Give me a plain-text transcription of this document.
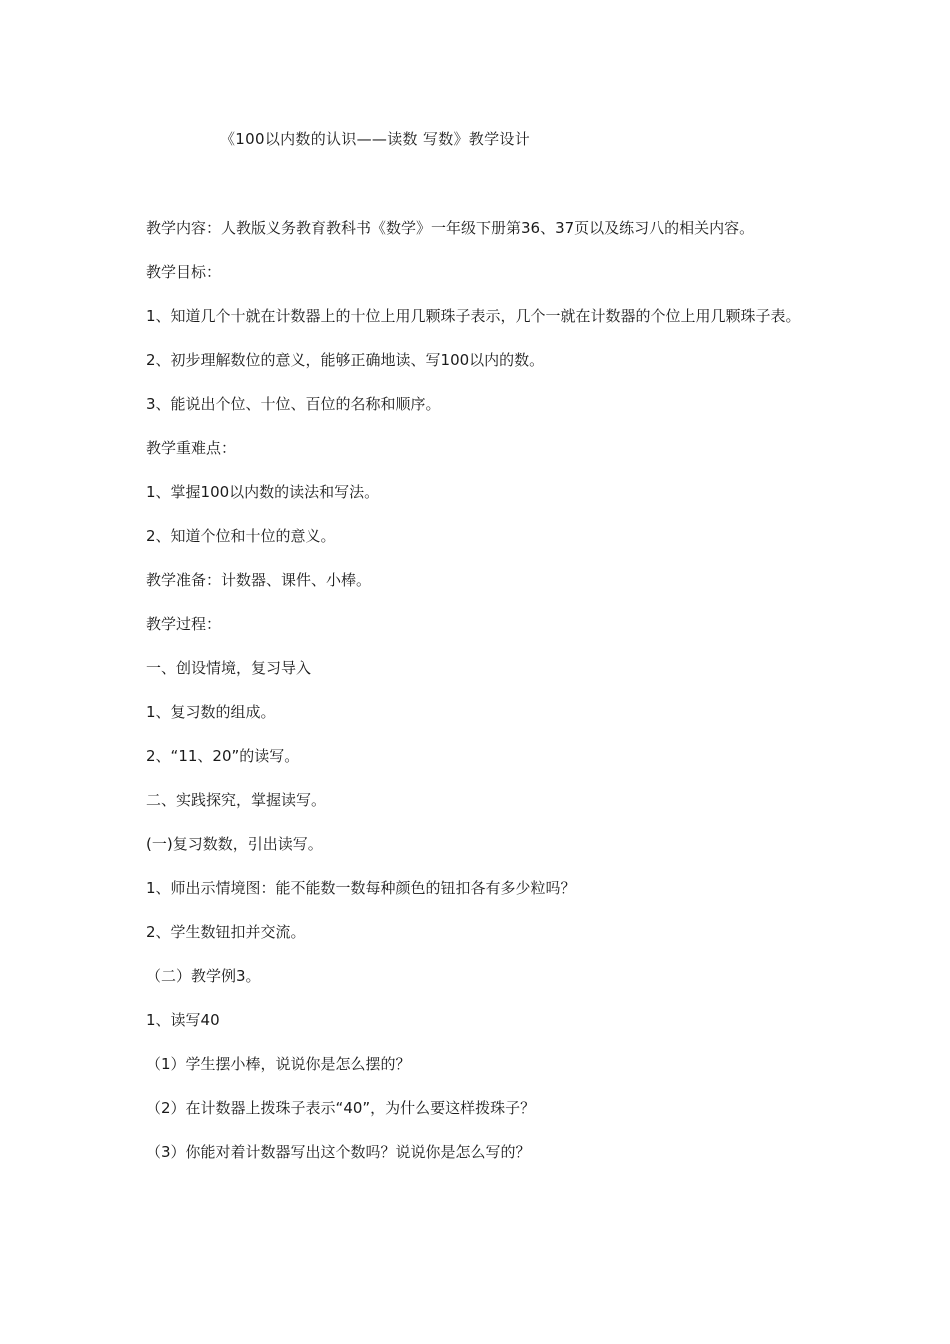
《100以内数的认识——读数 写数》教学设计

教学内容：人教版义务教育教科书《数学》一年级下册第36、37页以及练习八的相关内容。

教学目标：

1、知道几个十就在计数器上的十位上用几颗珠子表示，几个一就在计数器的个位上用几颗珠子表。

2、初步理解数位的意义，能够正确地读、写100以内的数。

3、能说出个位、十位、百位的名称和顺序。

教学重难点：

1、掌握100以内数的读法和写法。

2、知道个位和十位的意义。

教学准备：计数器、课件、小棒。

教学过程：

一、创设情境，复习导入

1、复习数的组成。

2、“11、20”的读写。

二、实践探究，掌握读写。

(一)复习数数，引出读写。

1、师出示情境图：能不能数一数每种颜色的钮扣各有多少粒吗？

2、学生数钮扣并交流。

（二）教学例3。

1、读写40

（1）学生摆小棒，说说你是怎么摆的？

（2）在计数器上拨珠子表示“40”，为什么要这样拨珠子？

（3）你能对着计数器写出这个数吗？说说你是怎么写的？
